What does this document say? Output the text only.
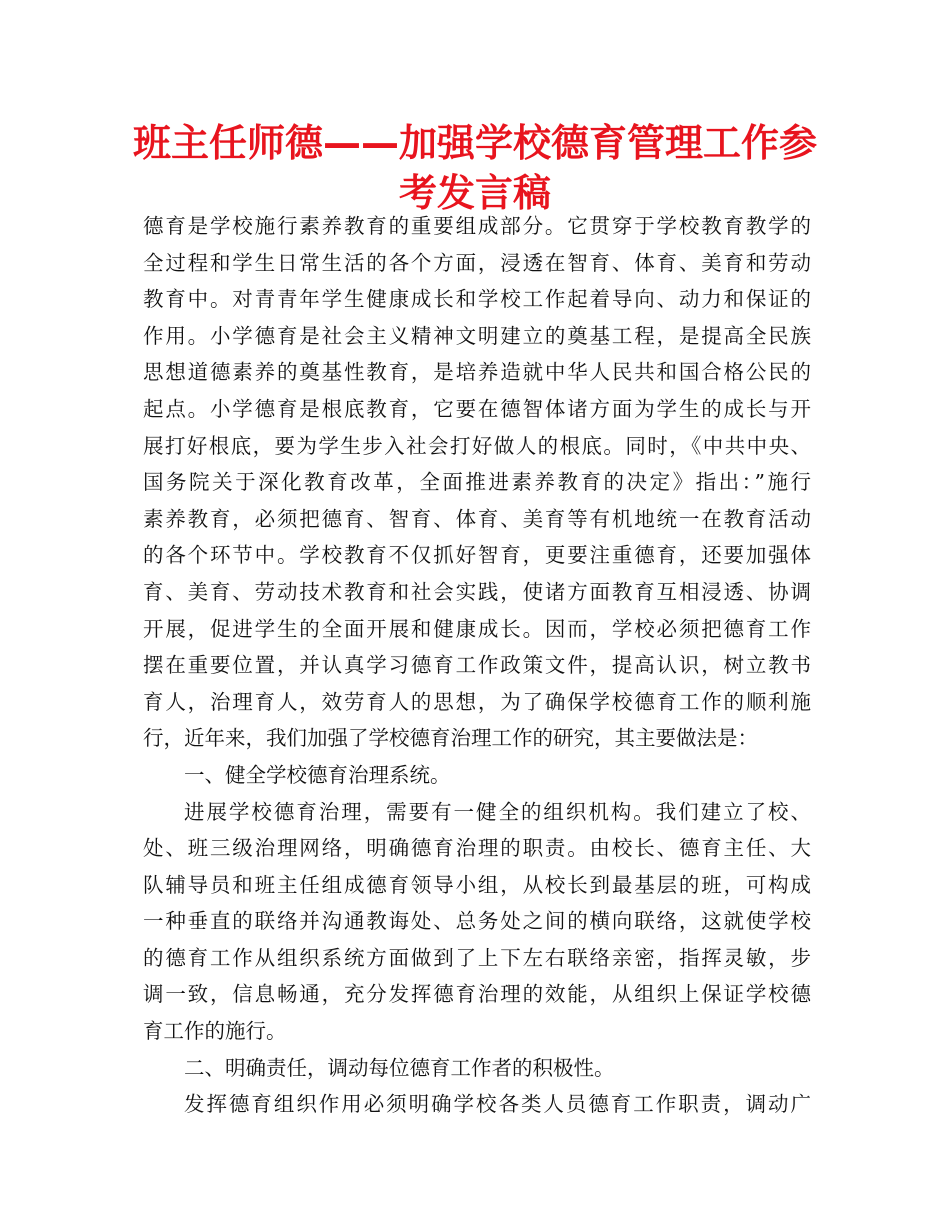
班主任师德——加强学校德育管理工作参考发言稿
德育是学校施行素养教育的重要组成部分。它贯穿于学校教育教学的
全过程和学生日常生活的各个方面，浸透在智育、体育、美育和劳动
教育中。对青青年学生健康成长和学校工作起着导向、动力和保证的
作用。小学德育是社会主义精神文明建立的奠基工程，是提高全民族
思想道德素养的奠基性教育，是培养造就中华人民共和国合格公民的
起点。小学德育是根底教育，它要在德智体诸方面为学生的成长与开
展打好根底，要为学生步入社会打好做人的根底。同时，《中共中央、
国务院关于深化教育改革，全面推进素养教育的决定》指出：”施行
素养教育，必须把德育、智育、体育、美育等有机地统一在教育活动
的各个环节中。学校教育不仅抓好智育，更要注重德育，还要加强体
育、美育、劳动技术教育和社会实践，使诸方面教育互相浸透、协调
开展，促进学生的全面开展和健康成长。因而，学校必须把德育工作
摆在重要位置，并认真学习德育工作政策文件，提高认识，树立教书
育人，治理育人，效劳育人的思想，为了确保学校德育工作的顺利施
行，近年来，我们加强了学校德育治理工作的研究，其主要做法是：
一、健全学校德育治理系统。
进展学校德育治理，需要有一健全的组织机构。我们建立了校、
处、班三级治理网络，明确德育治理的职责。由校长、德育主任、大
队辅导员和班主任组成德育领导小组，从校长到最基层的班，可构成
一种垂直的联络并沟通教诲处、总务处之间的横向联络，这就使学校
的德育工作从组织系统方面做到了上下左右联络亲密，指挥灵敏，步
调一致，信息畅通，充分发挥德育治理的效能，从组织上保证学校德
育工作的施行。
二、明确责任，调动每位德育工作者的积极性。
发挥德育组织作用必须明确学校各类人员德育工作职责，调动广
